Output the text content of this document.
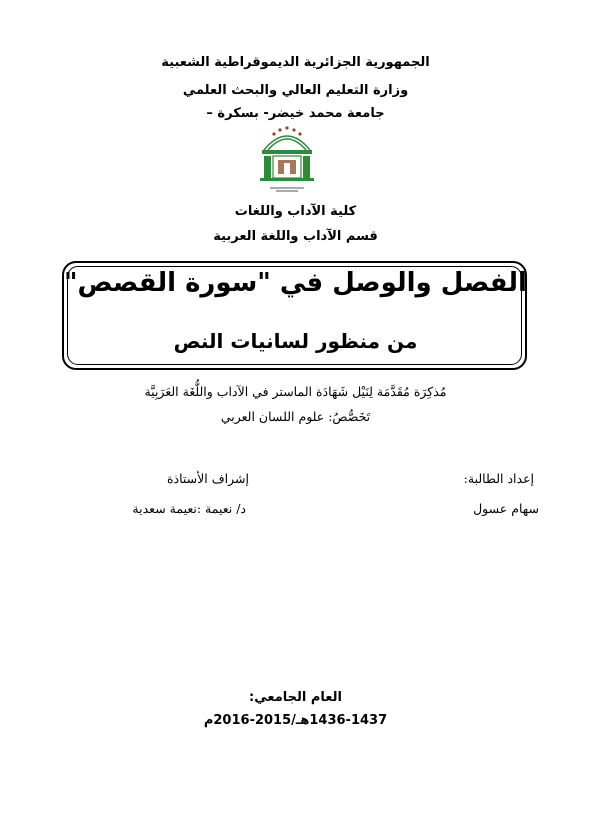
الجمهورية الجزائرية الديموقراطية الشعبية
وزارة التعليم العالي والبحث العلمي
جامعة محمد خيضر- بسكرة –
كلية الآداب واللغات
قسم الآداب واللغة العربية
الفصل والوصل في "سورة القصص"
من منظور لسانيات النص
مُذكِرَة مُقَدَّمَة لِنَيْل شَهَادَة الماستر في الآداب واللُّغَة العَرَبِيَّة
تَخَصُّصُ: علوم اللسان العربي
إعداد الطالبة:
سهام عسول
إشراف الأستاذة
د/ نعيمة :نعيمة سعدية
العام الجامعي:
1436-1437هـ/2015-2016م
